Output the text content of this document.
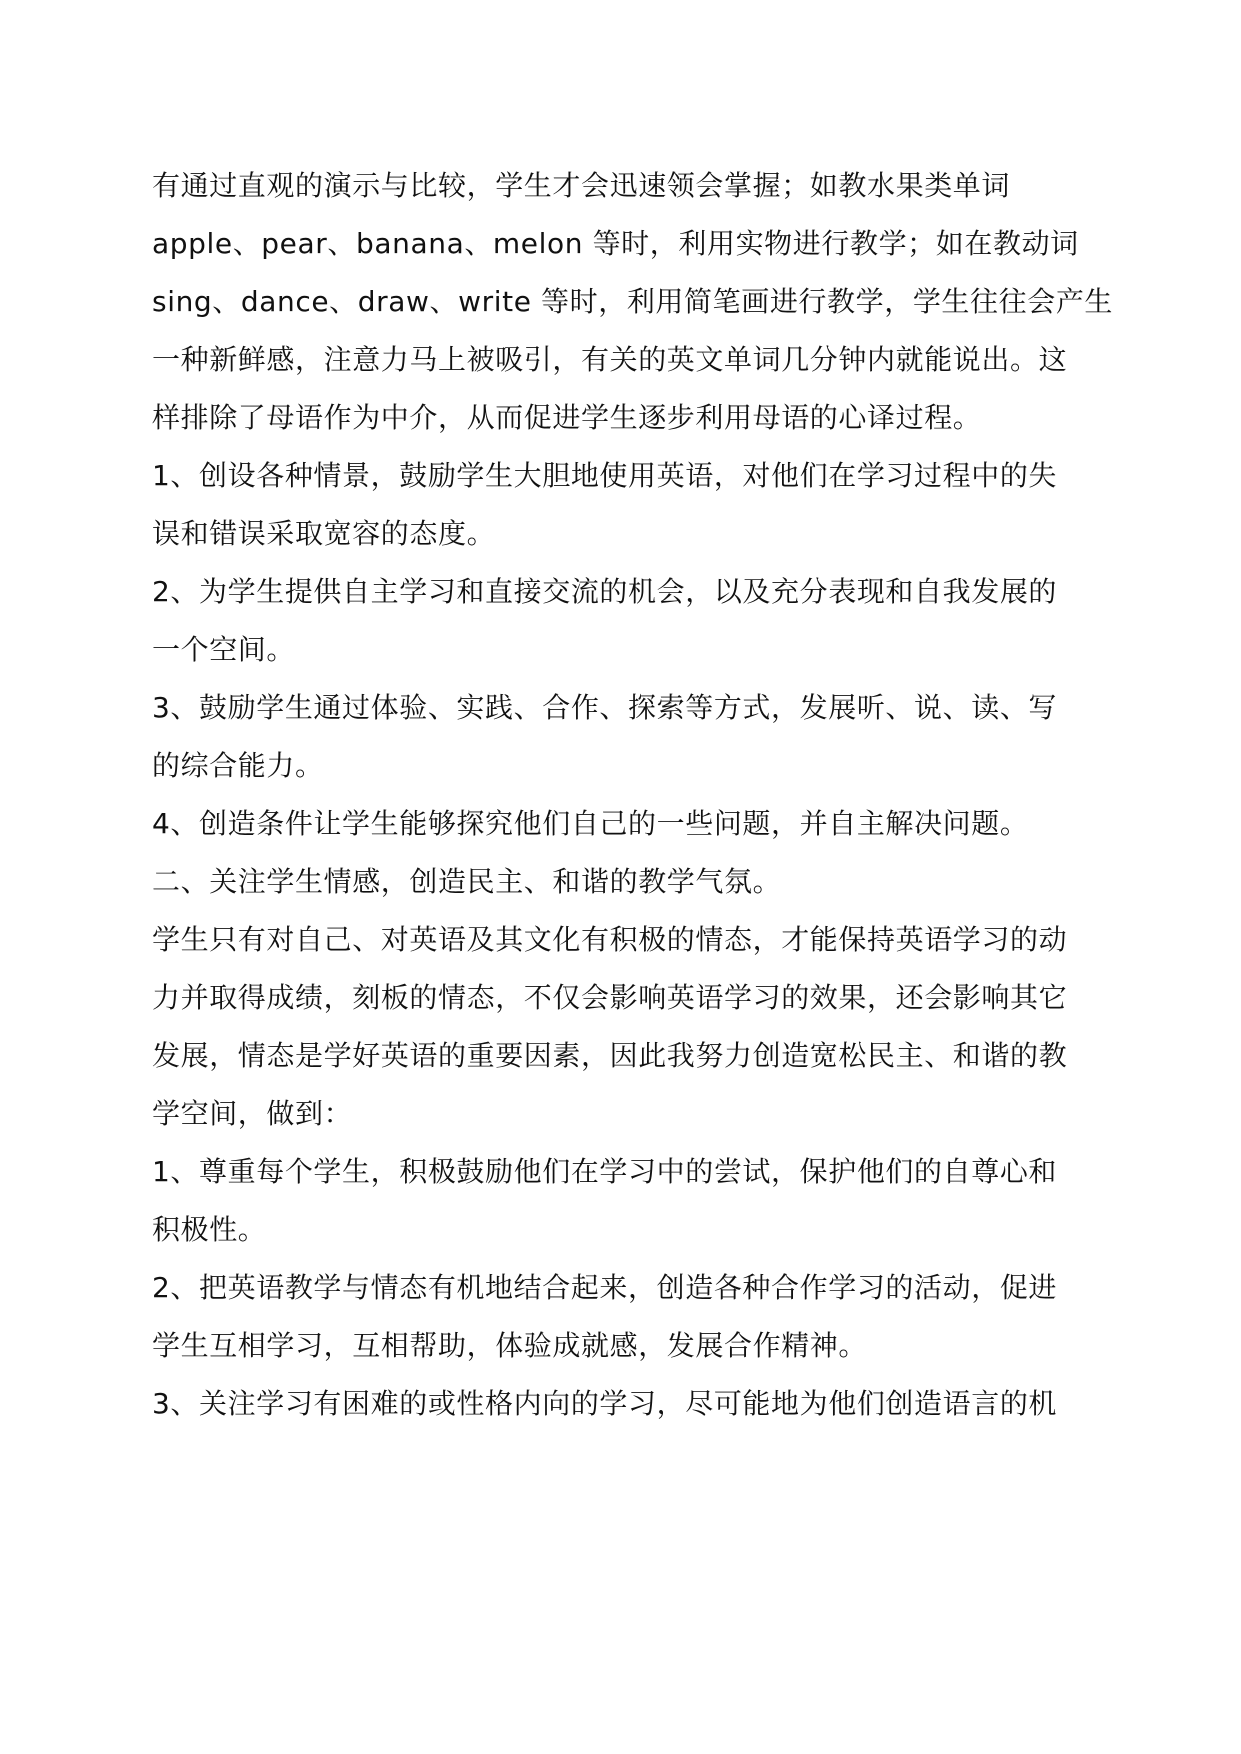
有通过直观的演示与比较，学生才会迅速领会掌握；如教水果类单词
apple、pear、banana、melon 等时，利用实物进行教学；如在教动词
sing、dance、draw、write 等时，利用简笔画进行教学，学生往往会产生
一种新鲜感，注意力马上被吸引，有关的英文单词几分钟内就能说出。这
样排除了母语作为中介，从而促进学生逐步利用母语的心译过程。
1、创设各种情景，鼓励学生大胆地使用英语，对他们在学习过程中的失
误和错误采取宽容的态度。
2、为学生提供自主学习和直接交流的机会，以及充分表现和自我发展的
一个空间。
3、鼓励学生通过体验、实践、合作、探索等方式，发展听、说、读、写
的综合能力。
4、创造条件让学生能够探究他们自己的一些问题，并自主解决问题。
二、关注学生情感，创造民主、和谐的教学气氛。
学生只有对自己、对英语及其文化有积极的情态，才能保持英语学习的动
力并取得成绩，刻板的情态，不仅会影响英语学习的效果，还会影响其它
发展，情态是学好英语的重要因素，因此我努力创造宽松民主、和谐的教
学空间，做到：
1、尊重每个学生，积极鼓励他们在学习中的尝试，保护他们的自尊心和
积极性。
2、把英语教学与情态有机地结合起来，创造各种合作学习的活动，促进
学生互相学习，互相帮助，体验成就感，发展合作精神。
3、关注学习有困难的或性格内向的学习，尽可能地为他们创造语言的机
